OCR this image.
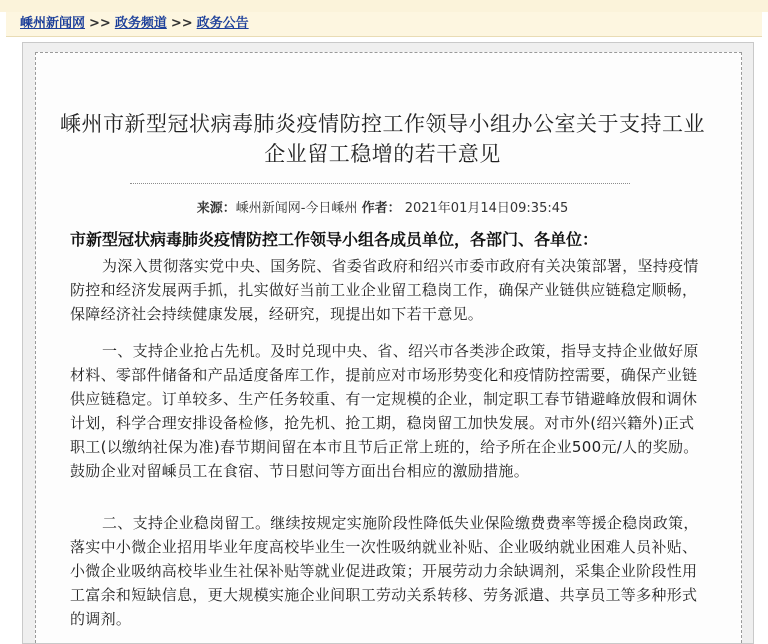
嵊州新闻网 >> 政务频道 >> 政务公告
嵊州市新型冠状病毒肺炎疫情防控工作领导小组办公室关于支持工业企业留工稳增的若干意见
来源：嵊州新闻网-今日嵊州 作者： 2021年01月14日09:35:45
市新型冠状病毒肺炎疫情防控工作领导小组各成员单位，各部门、各单位：

为深入贯彻落实党中央、国务院、省委省政府和绍兴市委市政府有关决策部署，坚持疫情防控和经济发展两手抓，扎实做好当前工业企业留工稳岗工作，确保产业链供应链稳定顺畅，保障经济社会持续健康发展，经研究，现提出如下若干意见。

一、支持企业抢占先机。及时兑现中央、省、绍兴市各类涉企政策，指导支持企业做好原材料、零部件储备和产品适度备库工作，提前应对市场形势变化和疫情防控需要，确保产业链供应链稳定。订单较多、生产任务较重、有一定规模的企业，制定职工春节错避峰放假和调休计划，科学合理安排设备检修，抢先机、抢工期，稳岗留工加快发展。对市外(绍兴籍外)正式职工(以缴纳社保为准)春节期间留在本市且节后正常上班的，给予所在企业500元/人的奖励。鼓励企业对留嵊员工在食宿、节日慰问等方面出台相应的激励措施。

二、支持企业稳岗留工。继续按规定实施阶段性降低失业保险缴费费率等援企稳岗政策，落实中小微企业招用毕业年度高校毕业生一次性吸纳就业补贴、企业吸纳就业困难人员补贴、小微企业吸纳高校毕业生社保补贴等就业促进政策；开展劳动力余缺调剂，采集企业阶段性用工富余和短缺信息，更大规模实施企业间职工劳动关系转移、劳务派遣、共享员工等多种形式的调剂。
